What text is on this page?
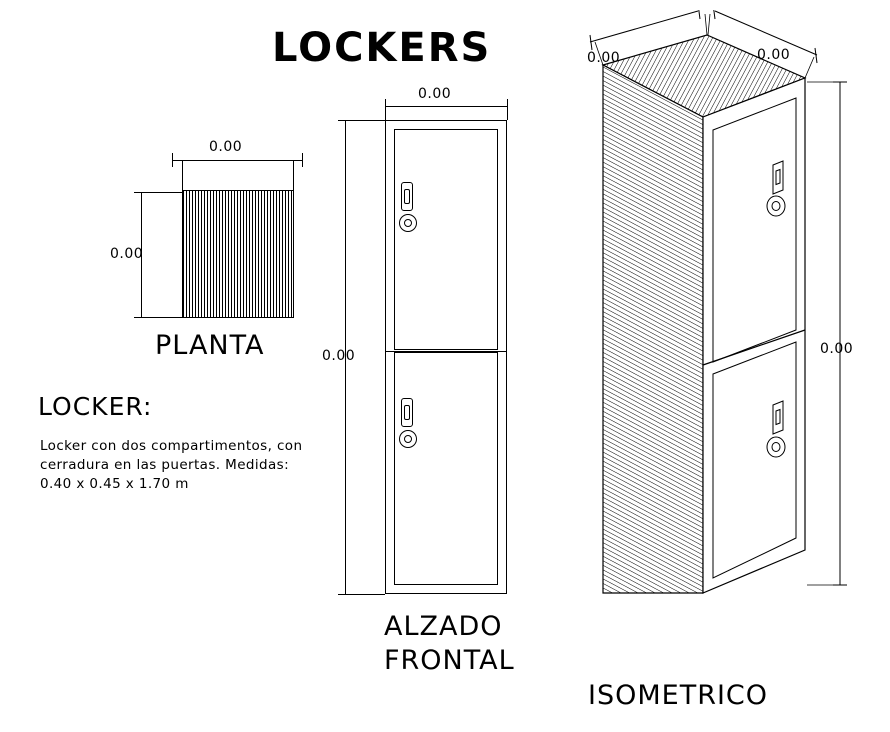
LOCKERS
0.00
0.00
PLANTA
LOCKER:
Locker con dos compartimentos, con
cerradura en las puertas. Medidas:
0.40 x 0.45 x 1.70 m
0.00
0.00
ALZADO
FRONTAL
0.00	0.00
0.00
ISOMETRICO
